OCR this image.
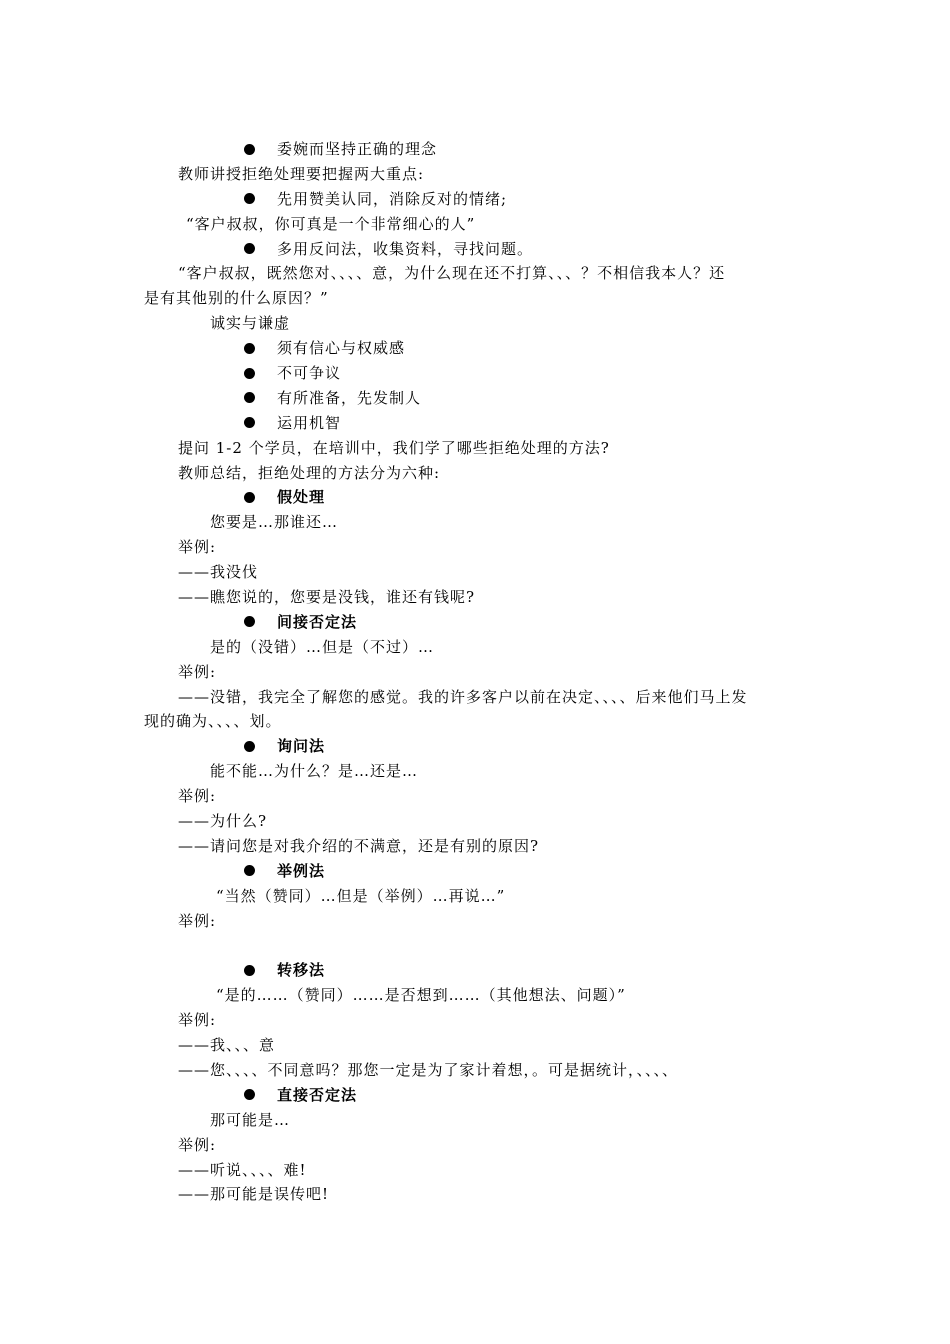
委婉而坚持正确的理念
教师讲授拒绝处理要把握两大重点:
先用赞美认同，消除反对的情绪;
“客户叔叔，你可真是一个非常细心的人”
多用反问法，收集资料，寻找问题。
“客户叔叔，既然您对、、、、意，为什么现在还不打算、、、？不相信我本人？还
是有其他别的什么原因？”
诚实与谦虚
须有信心与权威感
不可争议
有所准备，先发制人
运用机智
提问 1-2 个学员，在培训中，我们学了哪些拒绝处理的方法?
教师总结，拒绝处理的方法分为六种:
假处理
您要是…那谁还…
举例:
——我没伐
——瞧您说的，您要是没钱，谁还有钱呢?
间接否定法
是的（没错）…但是（不过）…
举例:
——没错，我完全了解您的感觉。我的许多客户以前在决定、、、、后来他们马上发
现的确为、、、、划。
询问法
能不能…为什么？是…还是…
举例:
——为什么?
——请问您是对我介绍的不满意，还是有别的原因?
举例法
“当然（赞同）…但是（举例）…再说…”
举例:
转移法
“是的……（赞同）……是否想到……（其他想法、问题）”
举例:
——我、、、意
——您、、、、不同意吗？那您一定是为了家计着想，。可是据统计，、、、、
直接否定法
那可能是…
举例:
——听说、、、、难!
——那可能是误传吧!
